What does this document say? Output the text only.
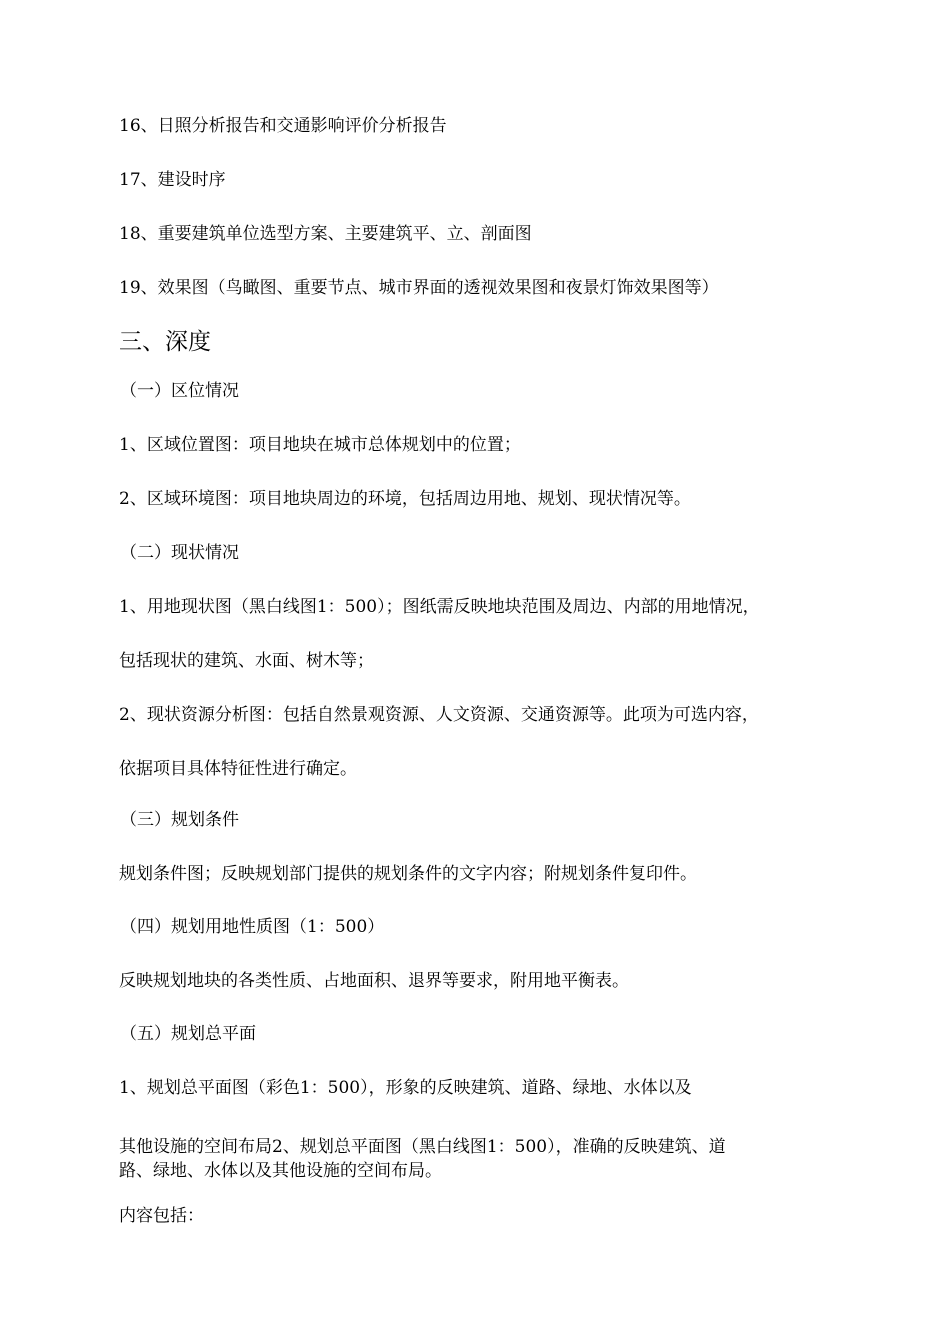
16、日照分析报告和交通影响评价分析报告

17、建设时序

18、重要建筑单位选型方案、主要建筑平、立、剖面图

19、效果图（鸟瞰图、重要节点、城市界面的透视效果图和夜景灯饰效果图等）

三、深度
（一）区位情况

1、区域位置图：项目地块在城市总体规划中的位置；

2、区域环境图：项目地块周边的环境，包括周边用地、规划、现状情况等。

（二）现状情况

1、用地现状图（黑白线图1：500）；图纸需反映地块范围及周边、内部的用地情况，

包括现状的建筑、水面、树木等；

2、现状资源分析图：包括自然景观资源、人文资源、交通资源等。此项为可选内容，

依据项目具体特征性进行确定。

（三）规划条件

规划条件图；反映规划部门提供的规划条件的文字内容；附规划条件复印件。

（四）规划用地性质图（1：500）

反映规划地块的各类性质、占地面积、退界等要求，附用地平衡表。

（五）规划总平面

1、规划总平面图（彩色1：500），形象的反映建筑、道路、绿地、水体以及

其他设施的空间布局2、规划总平面图（黑白线图1：500），准确的反映建筑、道

路、绿地、水体以及其他设施的空间布局。

内容包括：
